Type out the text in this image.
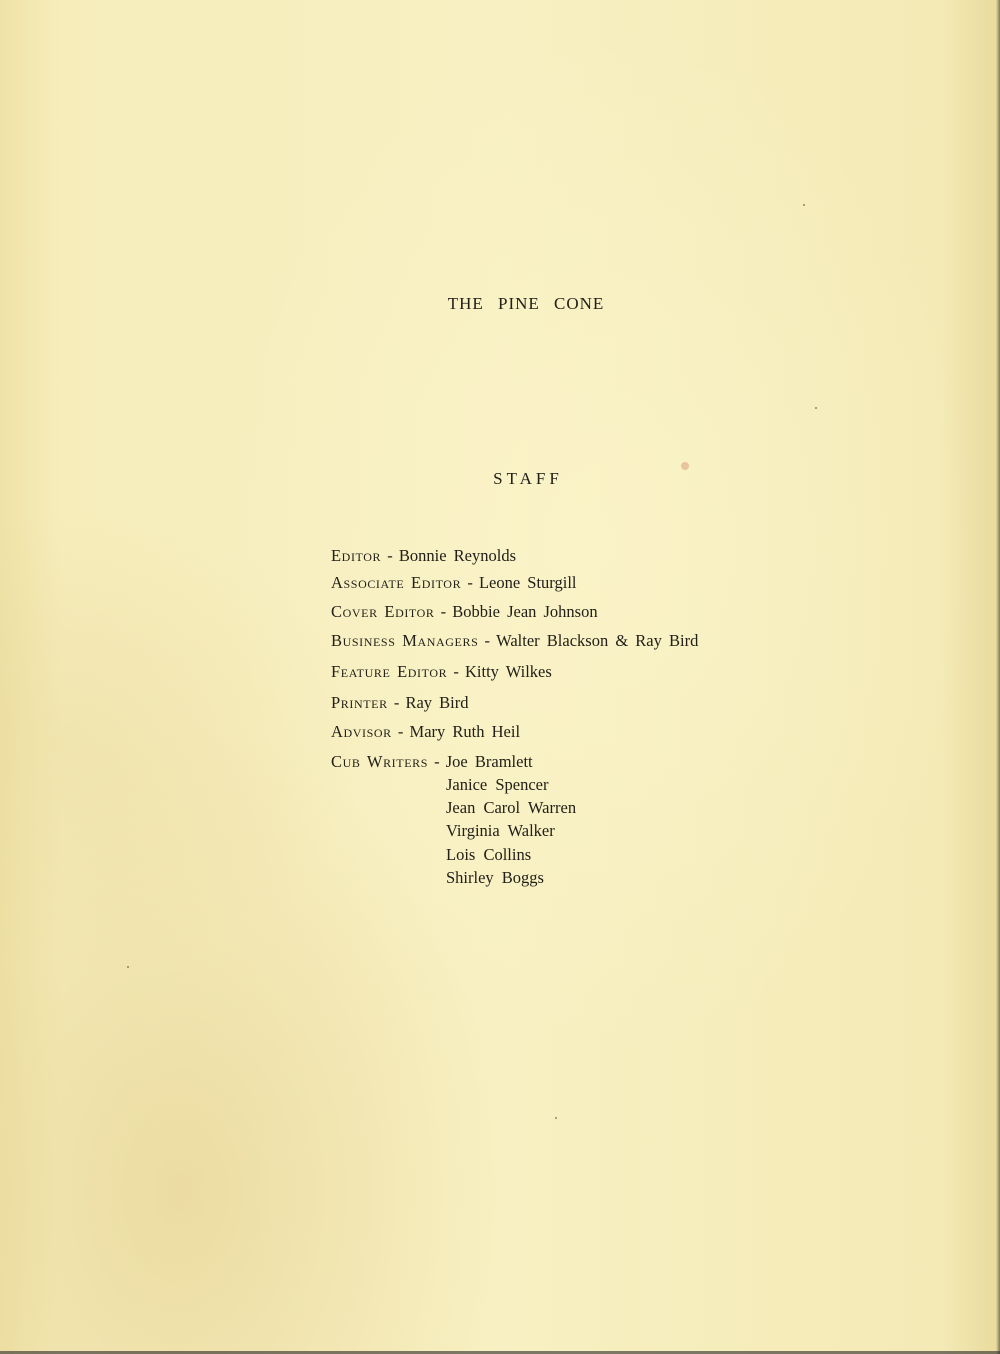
THE PINE CONE
STAFF
Editor - Bonnie Reynolds
Associate Editor - Leone Sturgill
Cover Editor - Bobbie Jean Johnson
Business Managers - Walter Blackson & Ray Bird
Feature Editor - Kitty Wilkes
Printer - Ray Bird
Advisor - Mary Ruth Heil
Cub Writers - Joe Bramlett
Janice Spencer
Jean Carol Warren
Virginia Walker
Lois Collins
Shirley Boggs
